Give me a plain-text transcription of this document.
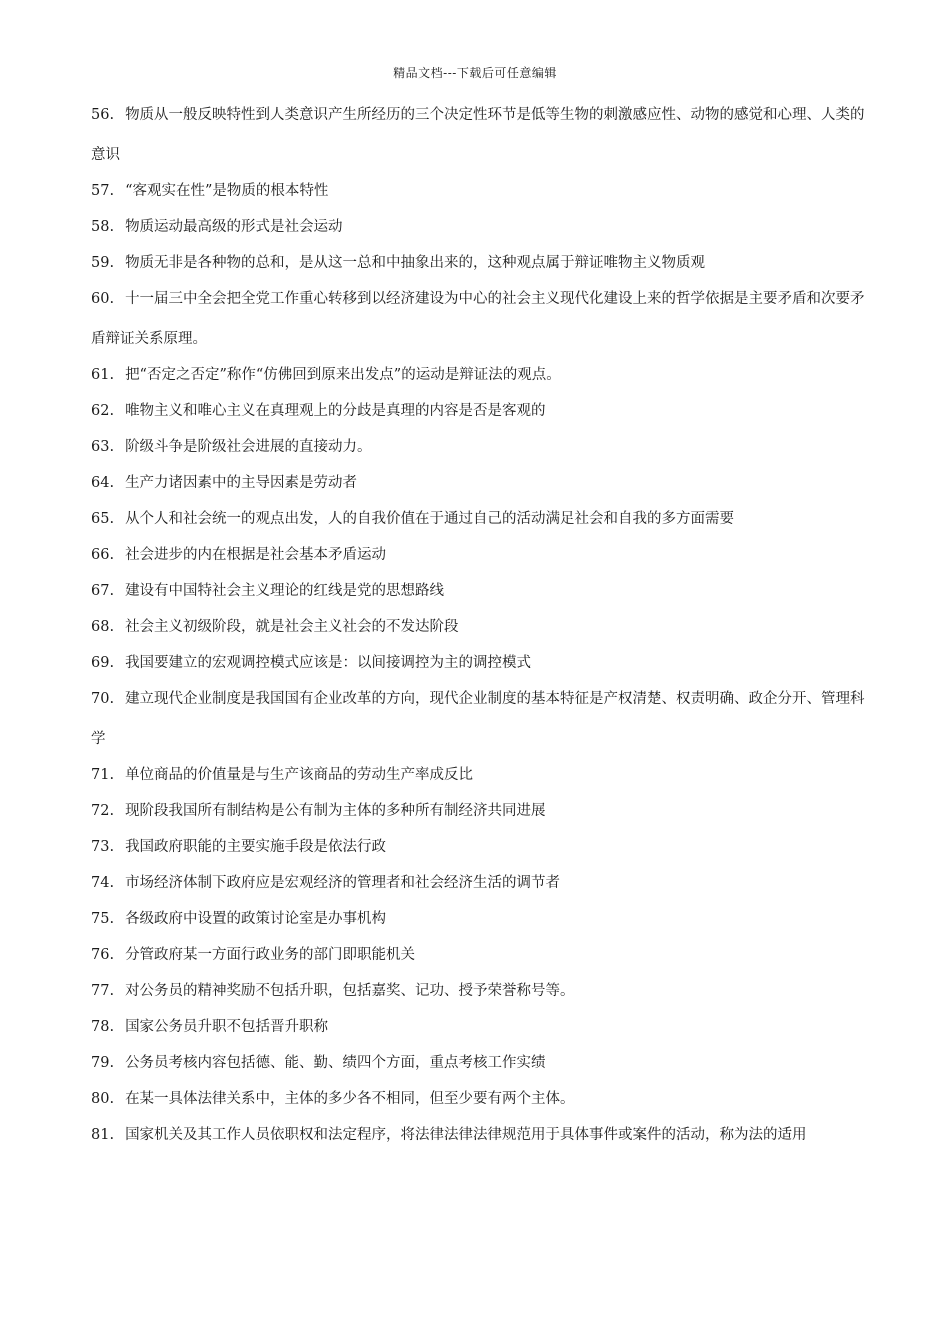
精品文档---下载后可任意编辑

56. 物质从一般反映特性到人类意识产生所经历的三个决定性环节是低等生物的刺激感应性、动物的感觉和心理、人类的意识

57. “客观实在性”是物质的根本特性

58. 物质运动最高级的形式是社会运动

59. 物质无非是各种物的总和，是从这一总和中抽象出来的，这种观点属于辩证唯物主义物质观

60. 十一届三中全会把全党工作重心转移到以经济建设为中心的社会主义现代化建设上来的哲学依据是主要矛盾和次要矛盾辩证关系原理。

61. 把“否定之否定”称作“仿佛回到原来出发点”的运动是辩证法的观点。

62. 唯物主义和唯心主义在真理观上的分歧是真理的内容是否是客观的

63. 阶级斗争是阶级社会进展的直接动力。

64. 生产力诸因素中的主导因素是劳动者

65. 从个人和社会统一的观点出发，人的自我价值在于通过自己的活动满足社会和自我的多方面需要

66. 社会进步的内在根据是社会基本矛盾运动

67. 建设有中国特社会主义理论的红线是党的思想路线

68. 社会主义初级阶段，就是社会主义社会的不发达阶段

69. 我国要建立的宏观调控模式应该是：以间接调控为主的调控模式

70. 建立现代企业制度是我国国有企业改革的方向，现代企业制度的基本特征是产权清楚、权责明确、政企分开、管理科学

71. 单位商品的价值量是与生产该商品的劳动生产率成反比

72. 现阶段我国所有制结构是公有制为主体的多种所有制经济共同进展

73. 我国政府职能的主要实施手段是依法行政

74. 市场经济体制下政府应是宏观经济的管理者和社会经济生活的调节者

75. 各级政府中设置的政策讨论室是办事机构

76. 分管政府某一方面行政业务的部门即职能机关

77. 对公务员的精神奖励不包括升职，包括嘉奖、记功、授予荣誉称号等。

78. 国家公务员升职不包括晋升职称

79. 公务员考核内容包括德、能、勤、绩四个方面，重点考核工作实绩

80. 在某一具体法律关系中，主体的多少各不相同，但至少要有两个主体。

81. 国家机关及其工作人员依职权和法定程序，将法律法律法律规范用于具体事件或案件的活动，称为法的适用
